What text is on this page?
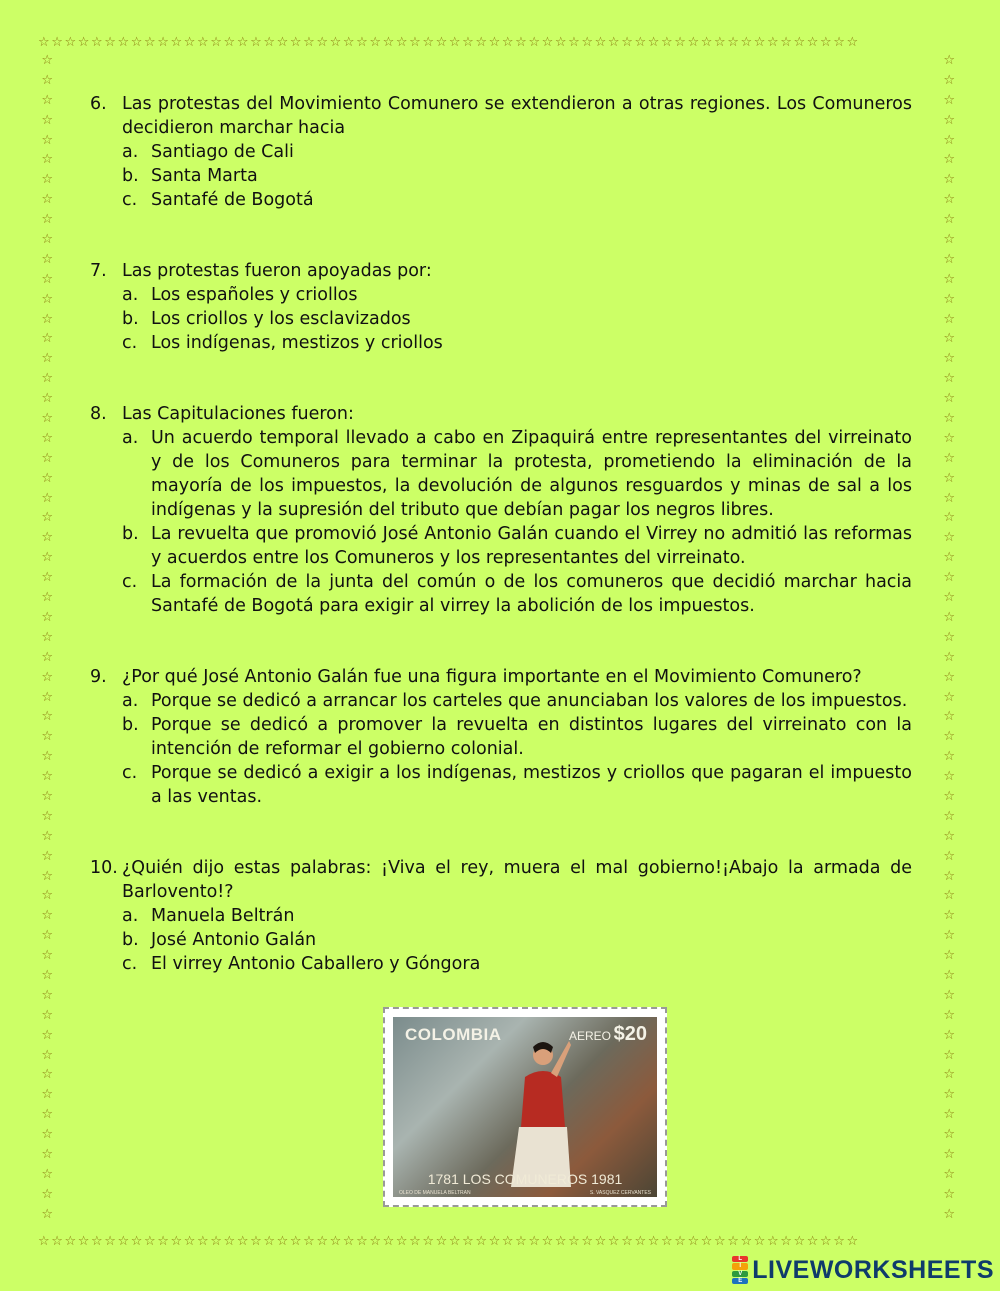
☆☆☆☆☆☆☆☆☆☆☆☆☆☆☆☆☆☆☆☆☆☆☆☆☆☆☆☆☆☆☆☆☆☆☆☆☆☆☆☆☆☆☆☆☆☆☆☆☆☆☆☆☆☆☆☆☆☆☆☆☆☆
☆
☆
☆
☆
☆
☆
☆
☆
☆
☆
☆
☆
☆
☆
☆
☆
☆
☆
☆
☆
☆
☆
☆
☆
☆
☆
☆
☆
☆
☆
☆
☆
☆
☆
☆
☆
☆
☆
☆
☆
☆
☆
☆
☆
☆
☆
☆
☆
☆
☆
☆
☆
☆
☆
☆
☆
☆
☆
☆
☆
☆
☆
☆
☆
☆
☆
☆
☆
☆
☆
☆
☆
☆
☆
☆
☆
☆
☆
☆
☆
☆
☆
☆
☆
☆
☆
☆
☆
☆
☆
☆
☆
☆
☆
☆
☆
☆
☆
☆
☆
☆
☆
☆
☆
☆
☆
☆
☆
☆
☆
☆
☆
☆
☆
☆
☆
☆
☆
☆☆☆☆☆☆☆☆☆☆☆☆☆☆☆☆☆☆☆☆☆☆☆☆☆☆☆☆☆☆☆☆☆☆☆☆☆☆☆☆☆☆☆☆☆☆☆☆☆☆☆☆☆☆☆☆☆☆☆☆☆☆
6. Las protestas del Movimiento Comunero se extendieron a otras regiones. Los Comuneros decidieron marchar hacia
a. Santiago de Cali
b. Santa Marta
c. Santafé de Bogotá
7. Las protestas fueron apoyadas por:
a. Los españoles y criollos
b. Los criollos y los esclavizados
c. Los indígenas, mestizos y criollos
8. Las Capitulaciones fueron:
a. Un acuerdo temporal llevado a cabo en Zipaquirá entre representantes del virreinato y de los Comuneros para terminar la protesta, prometiendo la eliminación de la mayoría de los impuestos, la devolución de algunos resguardos y minas de sal a los indígenas y la supresión del tributo que debían pagar los negros libres.
b. La revuelta que promovió José Antonio Galán cuando el Virrey no admitió las reformas y acuerdos entre los Comuneros y los representantes del virreinato.
c. La formación de la junta del común o de los comuneros que decidió marchar hacia Santafé de Bogotá para exigir al virrey la abolición de los impuestos.
9. ¿Por qué José Antonio Galán fue una figura importante en el Movimiento Comunero?
a. Porque se dedicó a arrancar los carteles que anunciaban los valores de los impuestos.
b. Porque se dedicó a promover la revuelta en distintos lugares del virreinato con la intención de reformar el gobierno colonial.
c. Porque se dedicó a exigir a los indígenas, mestizos y criollos que pagaran el impuesto a las ventas.
10. ¿Quién dijo estas palabras: ¡Viva el rey, muera el mal gobierno!¡Abajo la armada de Barlovento!?
a. Manuela Beltrán
b. José Antonio Galán
c. El virrey Antonio Caballero y Góngora
COLOMBIA	AEREO $20
1781 LOS COMUNEROS 1981
OLEO DE MANUELA BELTRAN	S. VASQUEZ CERVANTES
L
I
V
E LIVEWORKSHEETS
